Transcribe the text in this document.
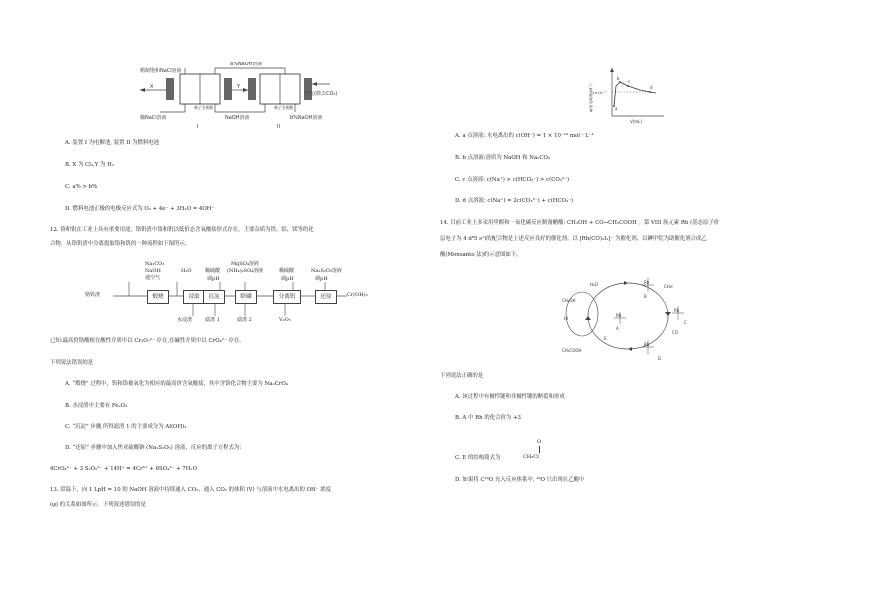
精制饱和NaCl溶液
a%NaOH溶液
X	Y
离子交换膜	离子交换膜
稀NaCl溶液	NaOH溶液	b%NaOH溶液
空气(除去CO₂)
I	II
A. 装置 I 为电解池, 装置 II 为燃料电池
B. X 为 Cl₂,Y 为 H₂
C. a% > b%
D. 燃料电池正极的电极反应式为 O₂ + 4e⁻ + 3H₂O = 4OH⁻
12. 铬和钒在工业上具有重要用途，铬钒渣中铬和钒以低价态含氧酸盐形式存在，主要杂质为铁、铝、镁等的化
合物。从铬钒渣中分离提取铬和钒的一种流程如下图所示。
铬钒渣	煅烧	浸取	沉淀	除磷	分离钒	还原	Cr(OH)₃
Na₂CO₃
NaOH
通空气
H₂O	稀硫酸
调pH
MgSO₄溶液
(NH₄)₂SO₄溶液	稀硫酸
调pH
Na₂S₂O₅溶液
调pH
水浸渣	滤渣 1	滤渣 2	V₂O₅
已知:最高价铬酸根在酸性介质中以 Cr₂O₇²⁻ 存在,在碱性介质中以 CrO₄²⁻ 存在。
下列说法错误的是
A. “煅烧” 过程中，钒和铬被氧化为相应的最高价含氧酸盐，其中含铬化合物主要为 Na₂CrO₄
B. 水浸渣中主要有 Fe₂O₃
C. “沉淀” 步骤,所得滤渣 1 的主要成分为 Al(OH)₃
D. “还原” 步骤中加入焦亚硫酸钠 (Na₂S₂O₅) 溶液，反应的离子方程式为:
4CrO₄²⁻ + 3 S₂O₅²⁻ + 14H⁺ = 4Cr³⁺ + 6SO₄²⁻ + 7H₂O
13. 常温下，向 1 LpH = 10 的 NaOH 溶液中持续通入 CO₂，通入 CO₂ 的体积 (V) 与溶液中水电离出的 OH⁻ 浓度
(φ) 的关系如图所示。下列叙述错误的是
1×10⁻⁷
V(mL)
a
b
c
d
φ(水电离的OH⁻)
A. a 点溶液: 水电离出的 c(OH⁻) = 1 × 10⁻¹⁰ mol · L⁻¹
B. b 点溶液:溶质为 NaOH 和 Na₂CO₃
C. c 点溶液: c(Na⁺) > c(HCO₃⁻) > c(CO₃²⁻)
D. d 点溶液: c(Na⁺) = 2c(CO₃²⁻) + c(HCO₃⁻)
14. 目前工业上多采用甲醇和一氧化碳反应制备醋酸: CH₃OH + CO→CH₃COOH 。第 VIII 族元素 Rh (基态原子价
层电子为 4 d⁸5 s¹)的配合物是上述反应良好的催化剂。以 [Rh(CO)₂I₂]⁻ 为催化剂、以碘甲烷为助催化剂合成乙
酸(Monsanto 法)的示意图如下。
Rh
Rh
Rh
Rh
CH₃OH
HI
H₂O
CH₃COOH
E
A
B
C
D
CH₃I
CO
下列说法正确的是
A. 该过程中有极性键和非极性键的断裂和形成
B. A 中 Rh 的化合价为 +3
C. E 的结构简式为
O
CH₃CI
D. 如果将 C¹⁸O 充入反应体系中, ¹⁸O 只出现在乙酸中
